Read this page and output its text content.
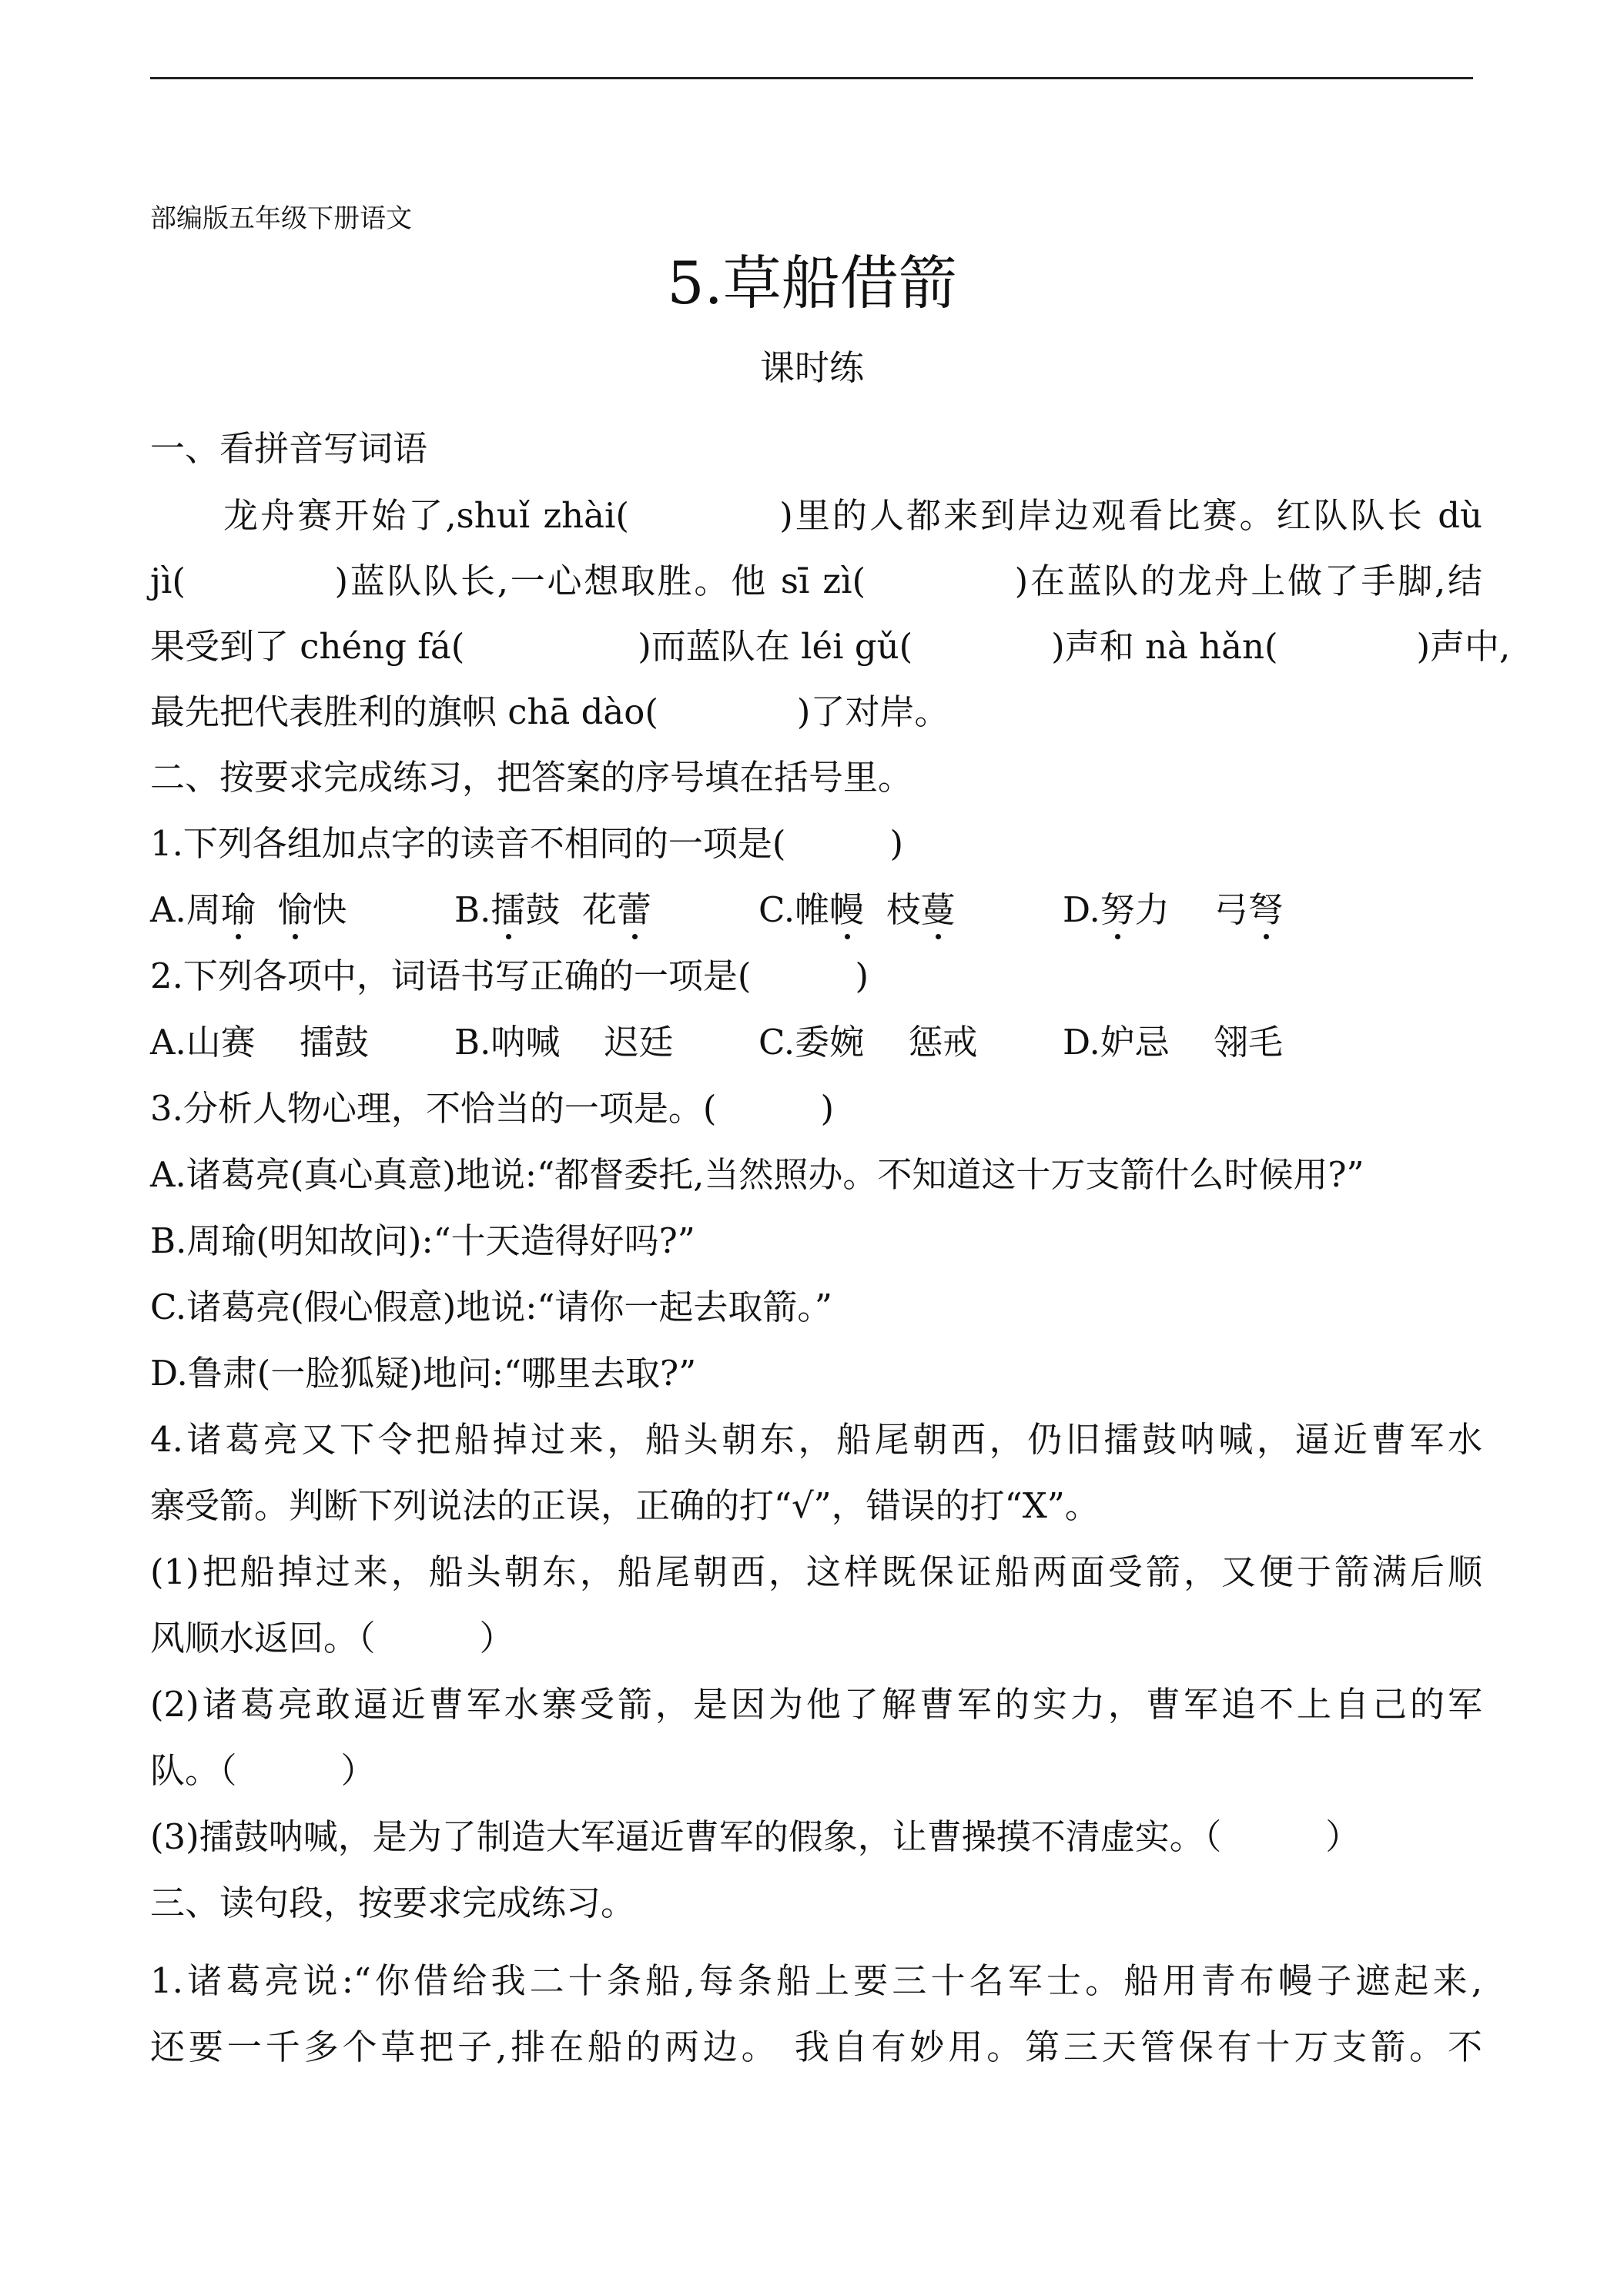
部编版五年级下册语文
5.草船借箭
课时练
一、看拼音写词语
龙舟赛开始了,shuǐ zhài(　　　　)里的人都来到岸边观看比赛。红队队长 dù
jì(　　　　)蓝队队长,一心想取胜。他 sī zì(　　　　)在蓝队的龙舟上做了手脚,结
果受到了 chéng fá(　　　　　)而蓝队在 léi gǔ(　　　　)声和 nà hǎn(　　　　)声中,
最先把代表胜利的旗帜 chā dào(　　　　)了对岸。
二、按要求完成练习，把答案的序号填在括号里。
1.下列各组加点字的读音不相同的一项是(　　　)
A.周瑜 愉快	B.擂鼓  花蕾	C.帷幔  枝蔓	D.努力    弓弩
2.下列各项中，词语书写正确的一项是(　　　)
A.山赛    擂鼓 B.呐喊    迟廷 C.委婉    惩戒 D.妒忌    翎毛
3.分析人物心理，不恰当的一项是。(　　　)
A.诸葛亮(真心真意)地说:“都督委托,当然照办。不知道这十万支箭什么时候用?”
B.周瑜(明知故问):“十天造得好吗?”
C.诸葛亮(假心假意)地说:“请你一起去取箭。”
D.鲁肃(一脸狐疑)地问:“哪里去取?”
4.诸葛亮又下令把船掉过来，船头朝东，船尾朝西，仍旧擂鼓呐喊，逼近曹军水
寨受箭。判断下列说法的正误，正确的打“√”，错误的打“X”。
(1)把船掉过来，船头朝东，船尾朝西，这样既保证船两面受箭，又便于箭满后顺
风顺水返回。（　　　）
(2)诸葛亮敢逼近曹军水寨受箭，是因为他了解曹军的实力，曹军追不上自己的军
队。（　　　）
(3)擂鼓呐喊，是为了制造大军逼近曹军的假象，让曹操摸不清虚实。（　　　）
三、读句段，按要求完成练习。
1.诸葛亮说:“你借给我二十条船,每条船上要三十名军士。船用青布幔子遮起来,
还要一千多个草把子,排在船的两边。 我自有妙用。第三天管保有十万支箭。不
